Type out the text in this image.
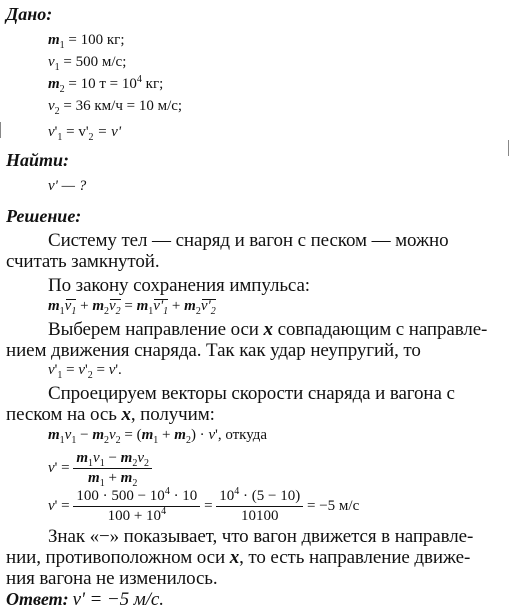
Дано:
$m_1 = 100$ кг;
$v_1 = 500$ м/с;
$m_2 = 10$ $т = 10^4$ кг;
$v_2 = 36$ км/ч = 10 м/с;
$v'_1 = v'_2 = v'$
Найти:
v' — ?
Решение:
Систему тел — снаряд и вагон с песком — можно
считать замкнутой.
По закону сохранения импульса:
$m_1v_1 + m_2v_2 = m_1v'_1 + m_2v'_2$
Выберем направление оси x совпадающим с направле-
нием движения снаряда. Так как удар неупругий, то
$v'_1 = v'_2 = v'$.
Спроецируем векторы скорости снаряда и вагона с
песком на ось x, получим:
$m_1v_1 - m_2v_2 = (m_1 + m_2) \cdot v'$, откуда
$v' = \frac{m_1v_1 - m_2v_2}{m_1 + m_2}$
$v' = \frac{100 \cdot 500 - 10^4 \cdot 10}{100 + 10^4} = \frac{10^4 \cdot (5 - 10)}{10100} = -5$ м/с
Знак «−» показывает, что вагон движется в направле-
нии, противоположном оси x, то есть направление движе-
ния вагона не изменилось.
Ответ: v' = −5 м/с.
